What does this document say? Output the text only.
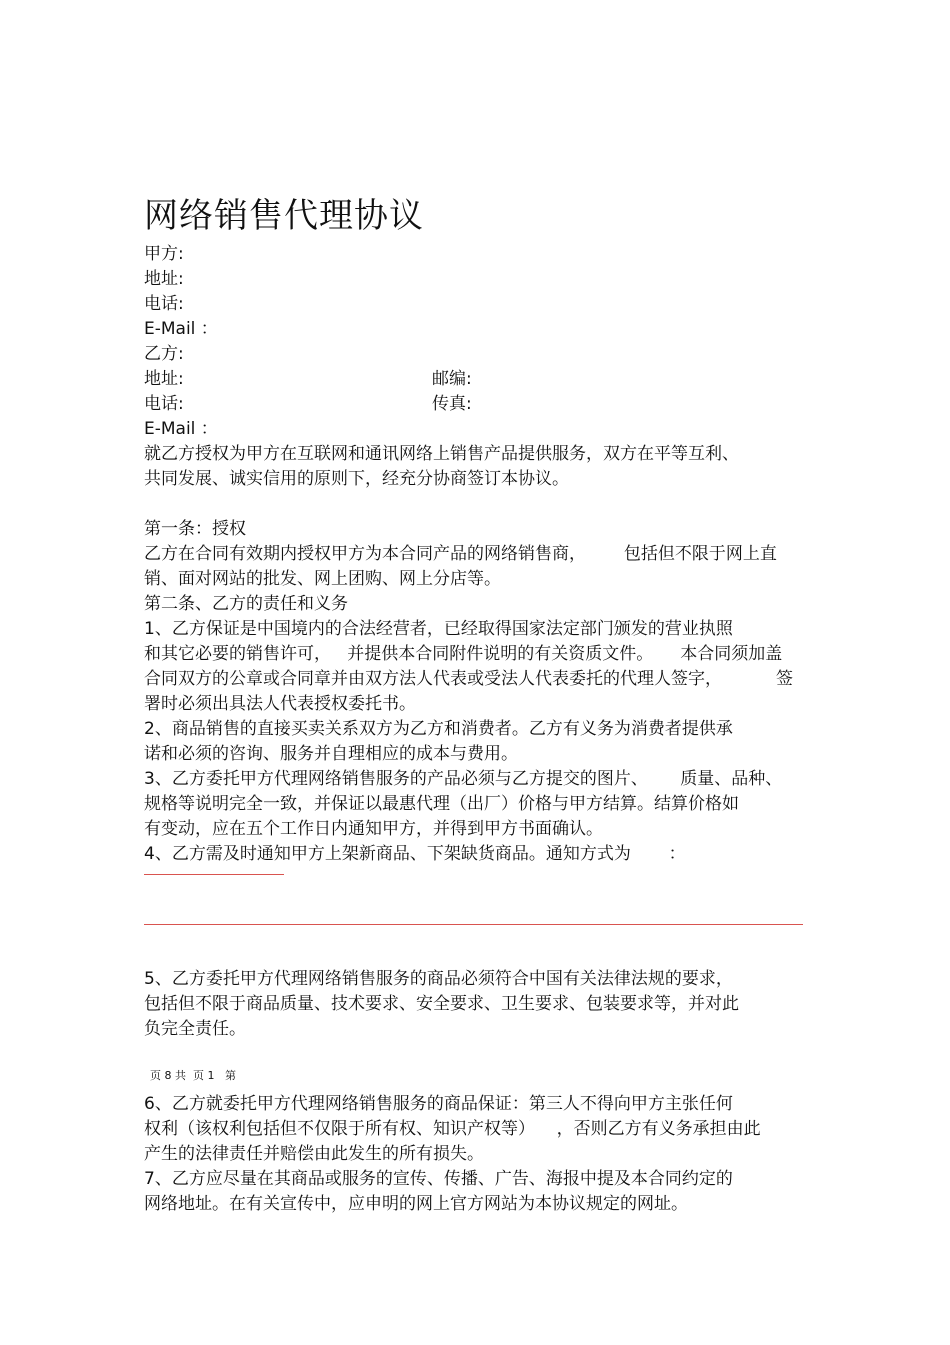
网络销售代理协议
甲方:
地址:
电话:
E-Mail ：
乙方:
地址:	邮编:
电话:	传真:
E-Mail ：
就乙方授权为甲方在互联网和通讯网络上销售产品提供服务，双方在平等互利、
共同发展、诚实信用的原则下，经充分协商签订本协议。
第一条：授权
乙方在合同有效期内授权甲方为本合同产品的网络销售商，       包括但不限于网上直
销、面对网站的批发、网上团购、网上分店等。
第二条、乙方的责任和义务
1、乙方保证是中国境内的合法经营者，已经取得国家法定部门颁发的营业执照
和其它必要的销售许可，   并提供本合同附件说明的有关资质文件。     本合同须加盖
合同双方的公章或合同章并由双方法人代表或受法人代表委托的代理人签字，          签
署时必须出具法人代表授权委托书。
2、商品销售的直接买卖关系双方为乙方和消费者。乙方有义务为消费者提供承
诺和必须的咨询、服务并自理相应的成本与费用。
3、乙方委托甲方代理网络销售服务的产品必须与乙方提交的图片、      质量、品种、
规格等说明完全一致，并保证以最惠代理（出厂）价格与甲方结算。结算价格如
有变动，应在五个工作日内通知甲方，并得到甲方书面确认。
4、乙方需及时通知甲方上架新商品、下架缺货商品。通知方式为       ：
5、乙方委托甲方代理网络销售服务的商品必须符合中国有关法律法规的要求，
包括但不限于商品质量、技术要求、安全要求、卫生要求、包装要求等，并对此
负完全责任。
页 8 共  页 1   第
6、乙方就委托甲方代理网络销售服务的商品保证：第三人不得向甲方主张任何
权利（该权利包括但不仅限于所有权、知识产权等）    ，否则乙方有义务承担由此
产生的法律责任并赔偿由此发生的所有损失。
7、乙方应尽量在其商品或服务的宣传、传播、广告、海报中提及本合同约定的
网络地址。在有关宣传中，应申明的网上官方网站为本协议规定的网址。
